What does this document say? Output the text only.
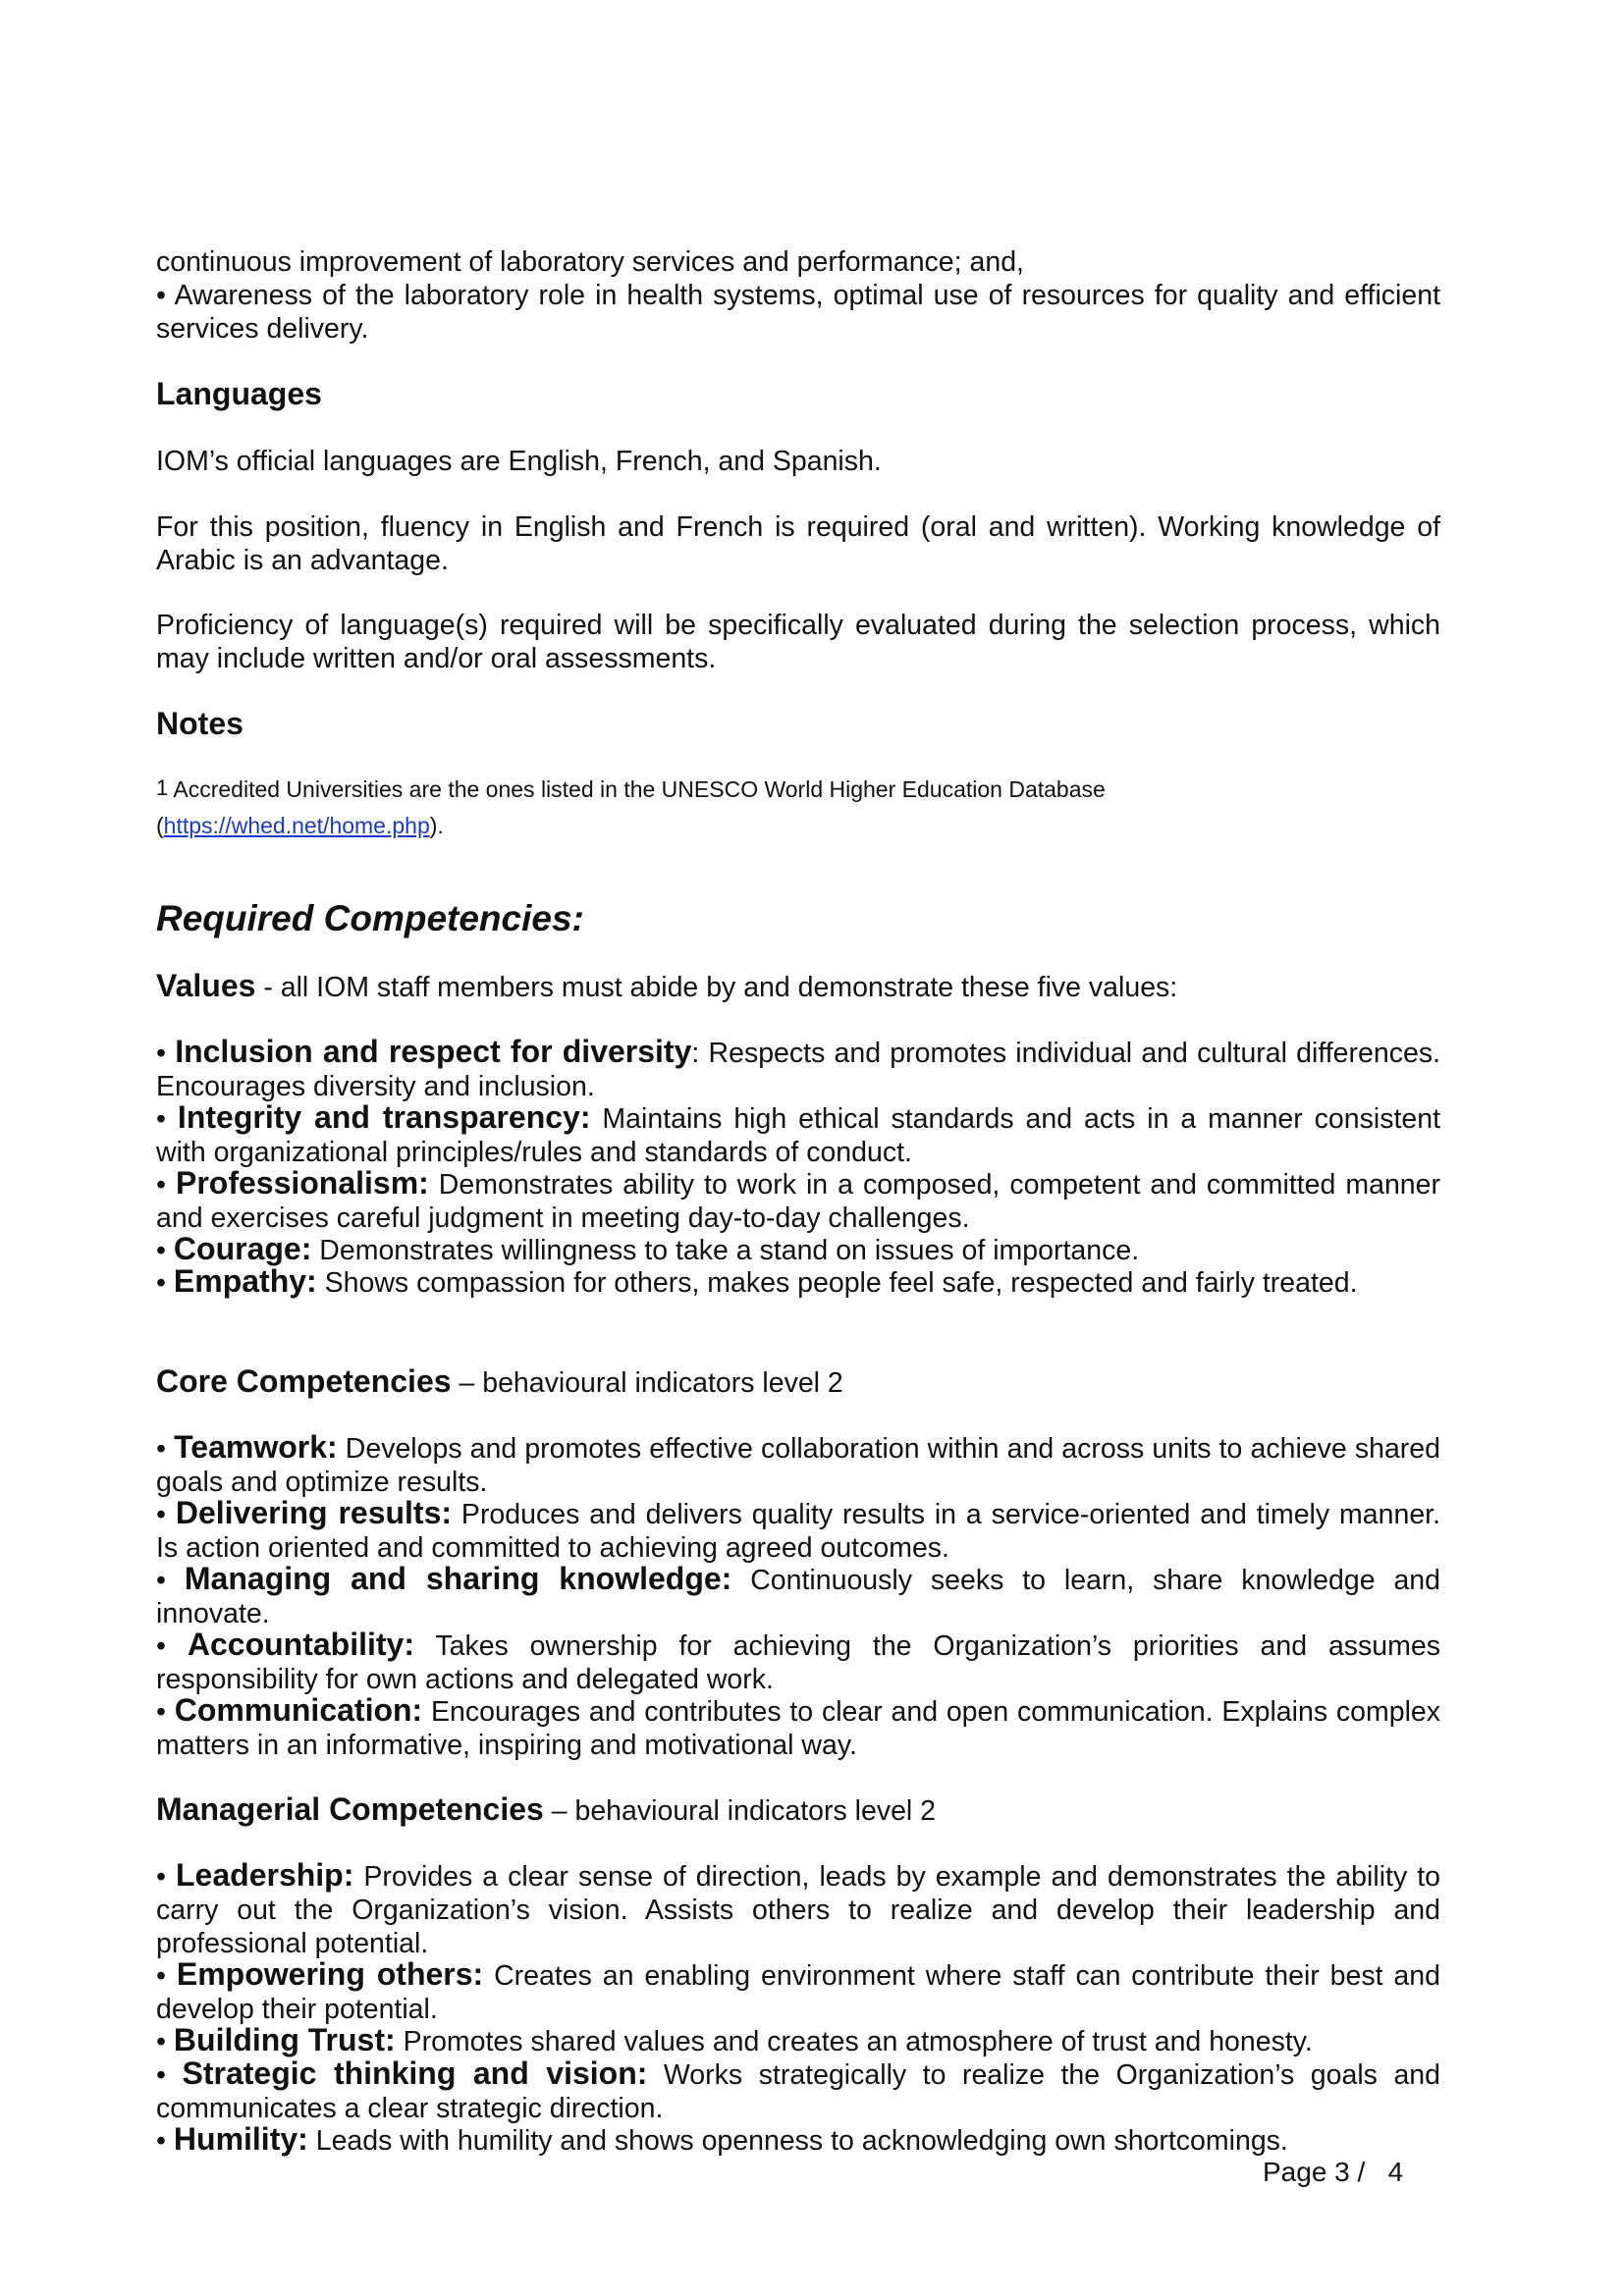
continuous improvement of laboratory services and performance; and,

• Awareness of the laboratory role in health systems, optimal use of resources for quality and efficient services delivery.

Languages

IOM’s official languages are English, French, and Spanish.

For this position, fluency in English and French is required (oral and written). Working knowledge of Arabic is an advantage.

Proficiency of language(s) required will be specifically evaluated during the selection process, which may include written and/or oral assessments.

Notes

$^1$ Accredited Universities are the ones listed in the UNESCO World Higher Education Database

(https://whed.net/home.php).

Required Competencies:

Values - all IOM staff members must abide by and demonstrate these five values:

• Inclusion and respect for diversity: Respects and promotes individual and cultural differences. Encourages diversity and inclusion.

• Integrity and transparency: Maintains high ethical standards and acts in a manner consistent with organizational principles/rules and standards of conduct.

• Professionalism: Demonstrates ability to work in a composed, competent and committed manner and exercises careful judgment in meeting day-to-day challenges.

• Courage: Demonstrates willingness to take a stand on issues of importance.

• Empathy: Shows compassion for others, makes people feel safe, respected and fairly treated.

Core Competencies – behavioural indicators level 2

• Teamwork: Develops and promotes effective collaboration within and across units to achieve shared goals and optimize results.

• Delivering results: Produces and delivers quality results in a service-oriented and timely manner. Is action oriented and committed to achieving agreed outcomes.

• Managing and sharing knowledge: Continuously seeks to learn, share knowledge and innovate.

• Accountability: Takes ownership for achieving the Organization’s priorities and assumes responsibility for own actions and delegated work.

• Communication: Encourages and contributes to clear and open communication. Explains complex matters in an informative, inspiring and motivational way.

Managerial Competencies – behavioural indicators level 2

• Leadership: Provides a clear sense of direction, leads by example and demonstrates the ability to carry out the Organization’s vision. Assists others to realize and develop their leadership and professional potential.

• Empowering others: Creates an enabling environment where staff can contribute their best and develop their potential.

• Building Trust: Promotes shared values and creates an atmosphere of trust and honesty.

• Strategic thinking and vision: Works strategically to realize the Organization’s goals and communicates a clear strategic direction.

• Humility: Leads with humility and shows openness to acknowledging own shortcomings.

Page 3 /   4
